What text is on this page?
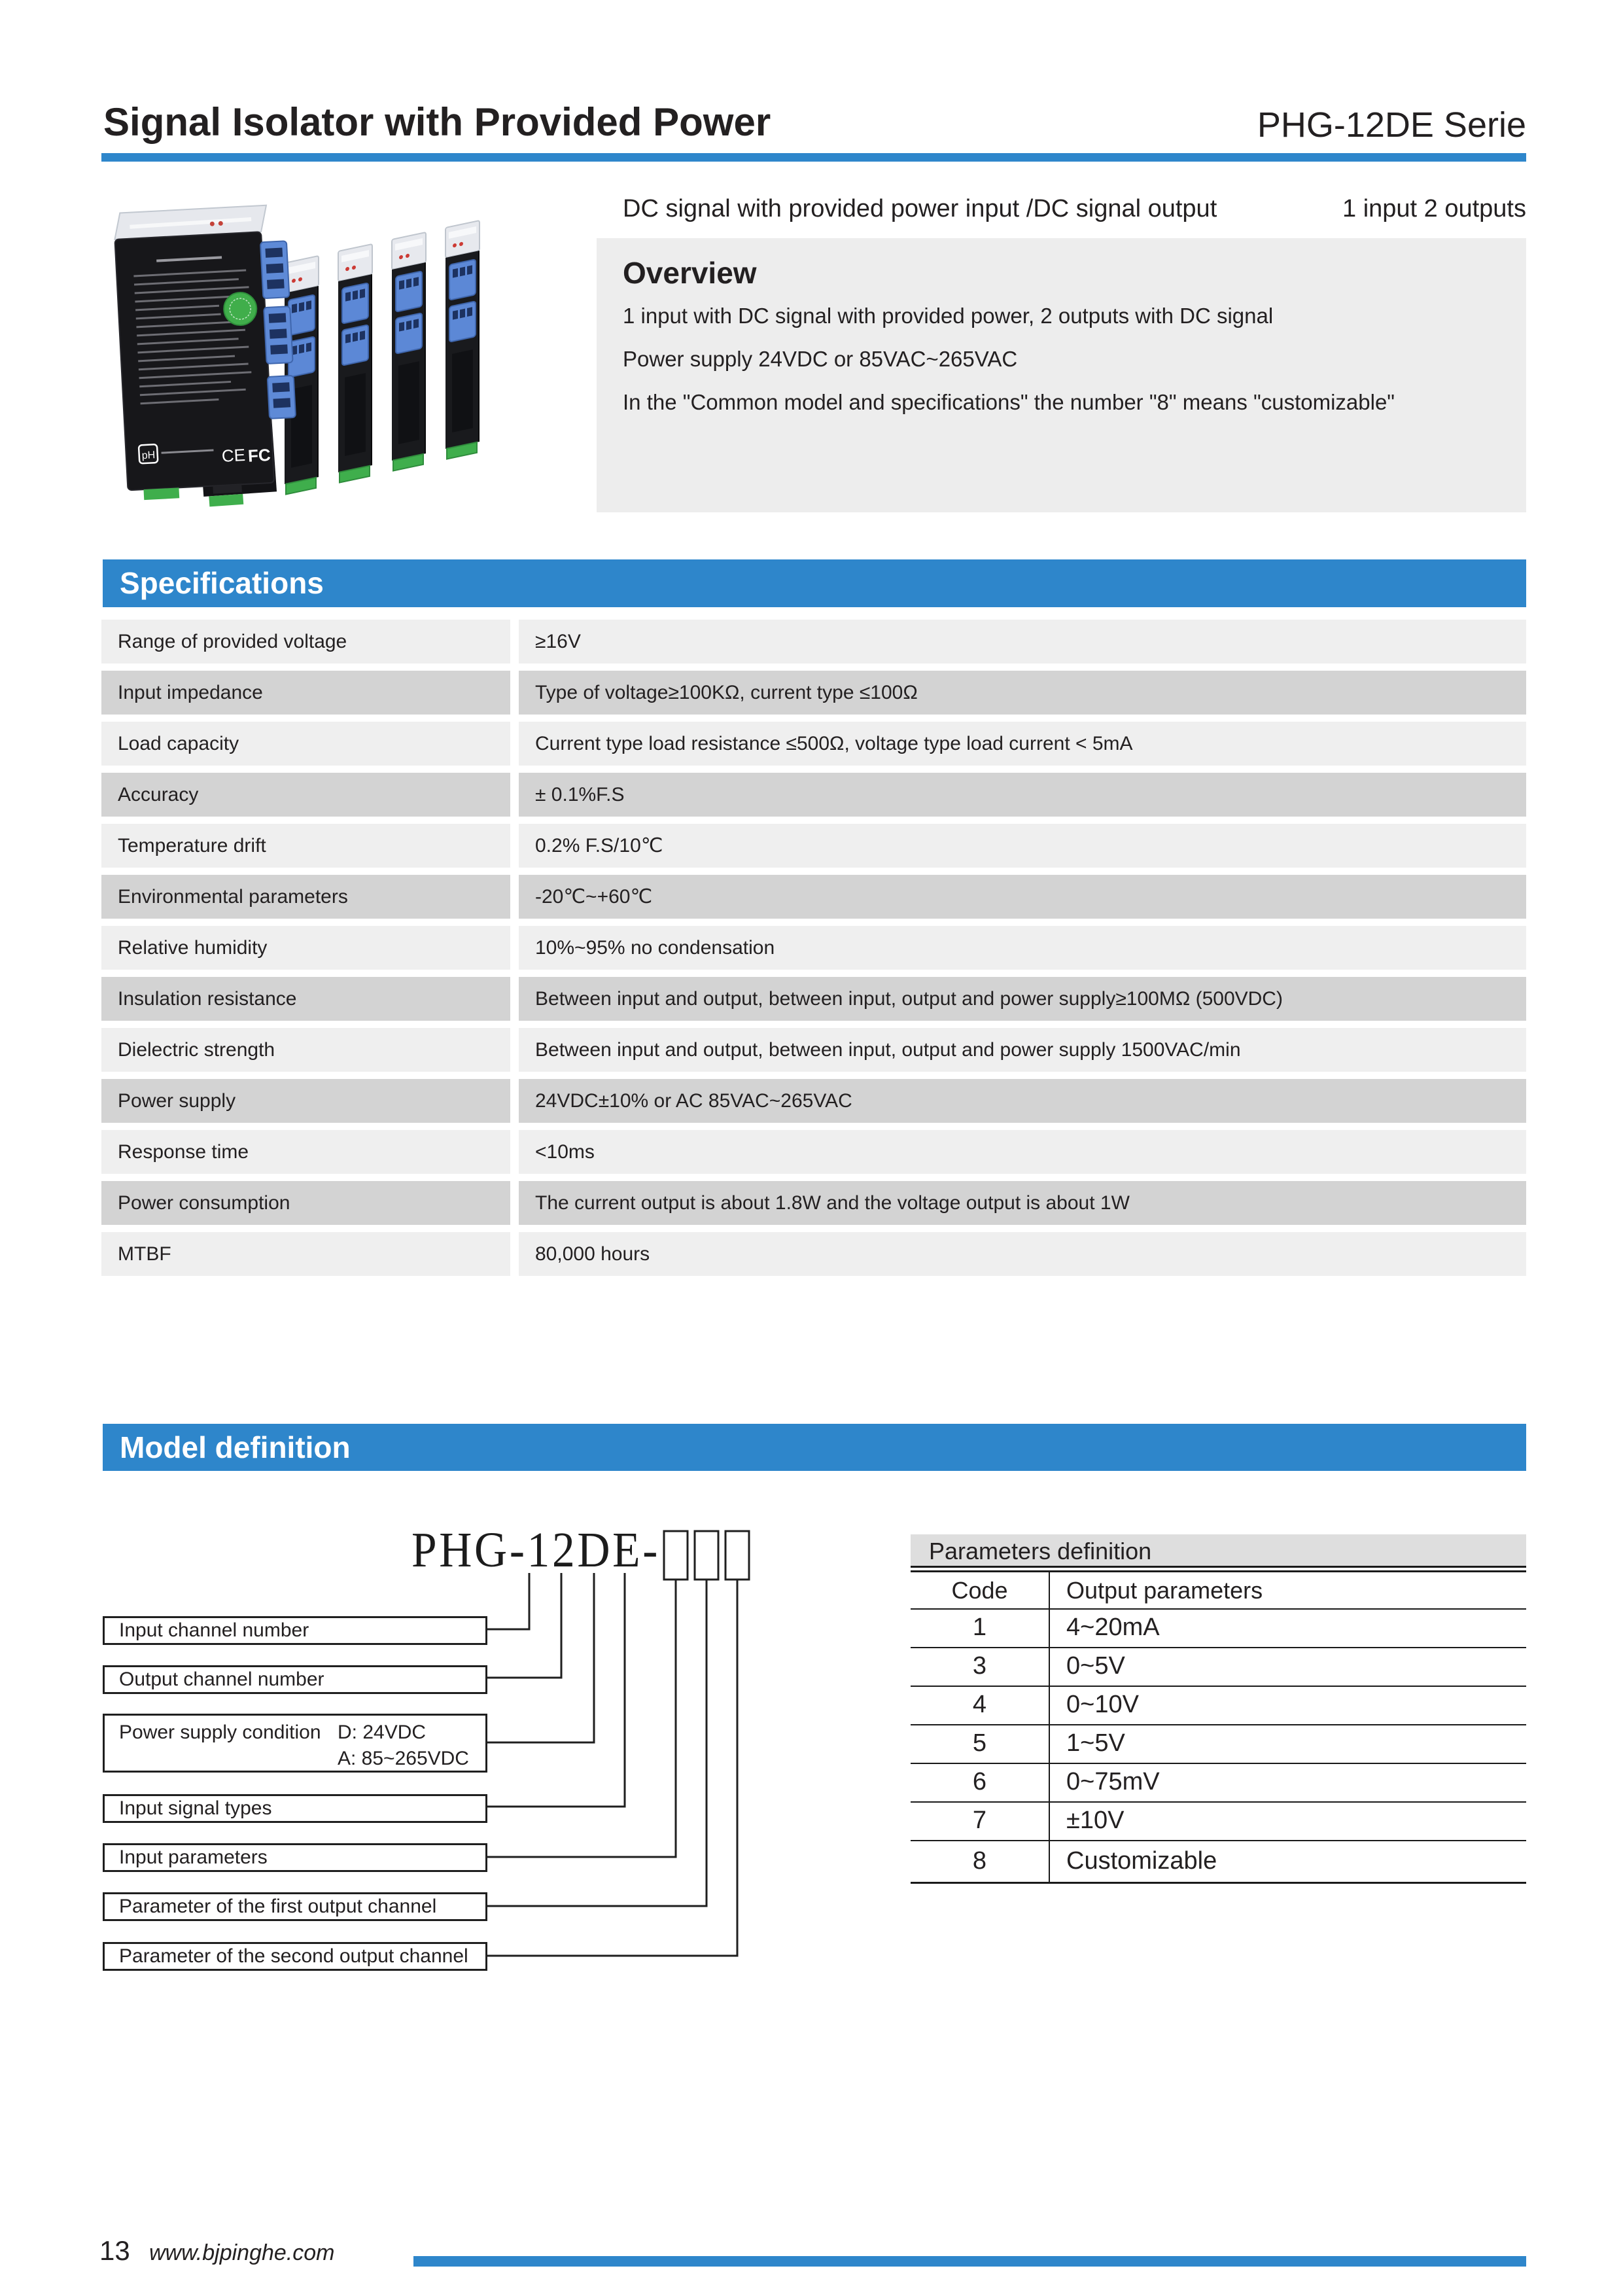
Signal Isolator with Provided Power	PHG-12DE Serie
pH	CE FC
DC signal with provided power input /DC signal output	1 input 2 outputs
Overview
1 input with DC signal with provided power, 2 outputs with DC signal
Power supply 24VDC or 85VAC~265VAC
In the "Common model and specifications" the number "8" means "customizable"
Specifications
Range of provided voltage	≥16V
Input impedance	Type of voltage≥100KΩ, current type ≤100Ω
Load capacity	Current type load resistance ≤500Ω, voltage type load current < 5mA
Accuracy	± 0.1%F.S
Temperature drift	0.2% F.S/10℃
Environmental parameters	-20℃~+60℃
Relative humidity	10%~95% no condensation
Insulation resistance	Between input and output, between input, output and power supply≥100MΩ (500VDC)
Dielectric strength	Between input and output, between input, output and power supply 1500VAC/min
Power supply	24VDC±10% or AC 85VAC~265VAC
Response time	<10ms
Power consumption	The current output is about 1.8W and the voltage output is about 1W
MTBF	80,000 hours
Model definition
PHG-12DE-
Input channel number
Output channel number
Power supply condition D: 24VDC
A: 85~265VDC
Input signal types
Input parameters
Parameter of the first output channel
Parameter of the second output channel
Parameters definition
Code	Output parameters
1	4~20mA
3	0~5V
4	0~10V
5	1~5V
6	0~75mV
7	±10V
8	Customizable
13 www.bjpinghe.com
